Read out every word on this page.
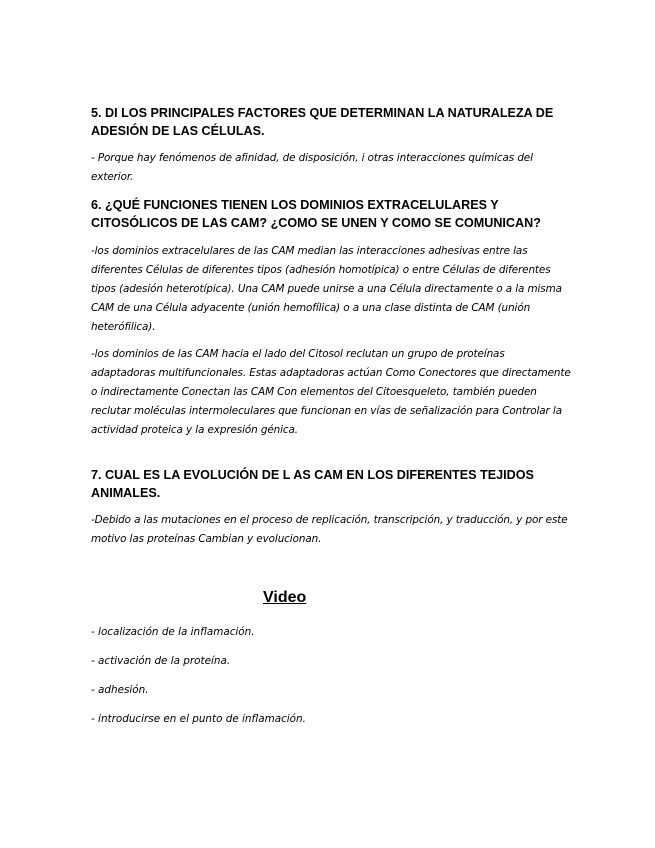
5. DI LOS PRINCIPALES FACTORES QUE DETERMINAN LA NATURALEZA DE ADESIÓN DE LAS CÉLULAS.

- Porque hay fenómenos de afinidad, de disposición, i otras interacciones químicas del exterior.

6. ¿QUÉ FUNCIONES TIENEN LOS DOMINIOS EXTRACELULARES Y CITOSÓLICOS DE LAS CAM? ¿COMO SE UNEN Y COMO SE COMUNICAN?

-los dominios extracelulares de las CAM median las interacciones adhesivas entre las diferentes Células de diferentes tipos (adhesión homotípica) o entre Células de diferentes tipos (adesión heterotípica). Una CAM puede unirse a una Célula directamente o a la misma CAM de una Célula adyacente (unión hemofílica) o a una clase distinta de CAM (unión heterófilica).

-los dominios de las CAM hacia el lado del Citosol reclutan un grupo de proteínas adaptadoras multifuncionales. Estas adaptadoras actúan Como Conectores que directamente o indirectamente Conectan las CAM Con elementos del Citoesqueleto, también pueden reclutar moléculas intermoleculares que funcionan en vías de señalización para Controlar la actividad proteica y la expresión génica.

7. CUAL ES LA EVOLUCIÓN DE L AS CAM EN LOS DIFERENTES TEJIDOS ANIMALES.

-Debido a las mutaciones en el proceso de replicación, transcripción, y traducción, y por este motivo las proteínas Cambian y evolucionan.

Video

- localización de la inflamación.

- activación de la proteína.

- adhesión.

- introducirse en el punto de inflamación.
